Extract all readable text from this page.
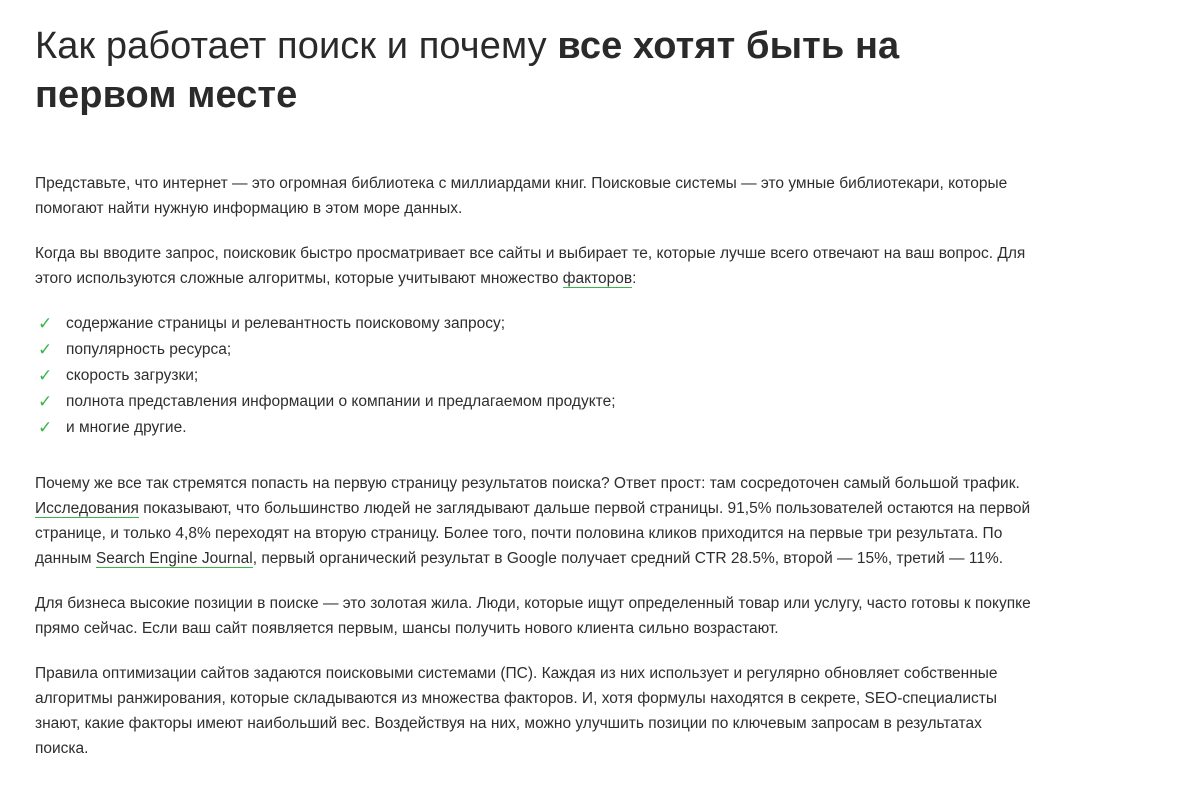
Как работает поиск и почему все хотят быть на первом месте

Представьте, что интернет — это огромная библиотека с миллиардами книг. Поисковые системы — это умные библиотекари, которые помогают найти нужную информацию в этом море данных.

Когда вы вводите запрос, поисковик быстро просматривает все сайты и выбирает те, которые лучше всего отвечают на ваш вопрос. Для этого используются сложные алгоритмы, которые учитывают множество факторов:

✓ содержание страницы и релевантность поисковому запросу;
✓ популярность ресурса;
✓ скорость загрузки;
✓ полнота представления информации о компании и предлагаемом продукте;
✓ и многие другие.

Почему же все так стремятся попасть на первую страницу результатов поиска? Ответ прост: там сосредоточен самый большой трафик. Исследования показывают, что большинство людей не заглядывают дальше первой страницы. 91,5% пользователей остаются на первой странице, и только 4,8% переходят на вторую страницу. Более того, почти половина кликов приходится на первые три результата. По данным Search Engine Journal, первый органический результат в Google получает средний CTR 28.5%, второй — 15%, третий — 11%.

Для бизнеса высокие позиции в поиске — это золотая жила. Люди, которые ищут определенный товар или услугу, часто готовы к покупке прямо сейчас. Если ваш сайт появляется первым, шансы получить нового клиента сильно возрастают.

Правила оптимизации сайтов задаются поисковыми системами (ПС). Каждая из них использует и регулярно обновляет собственные алгоритмы ранжирования, которые складываются из множества факторов. И, хотя формулы находятся в секрете, SEO-специалисты знают, какие факторы имеют наибольший вес. Воздействуя на них, можно улучшить позиции по ключевым запросам в результатах поиска.
